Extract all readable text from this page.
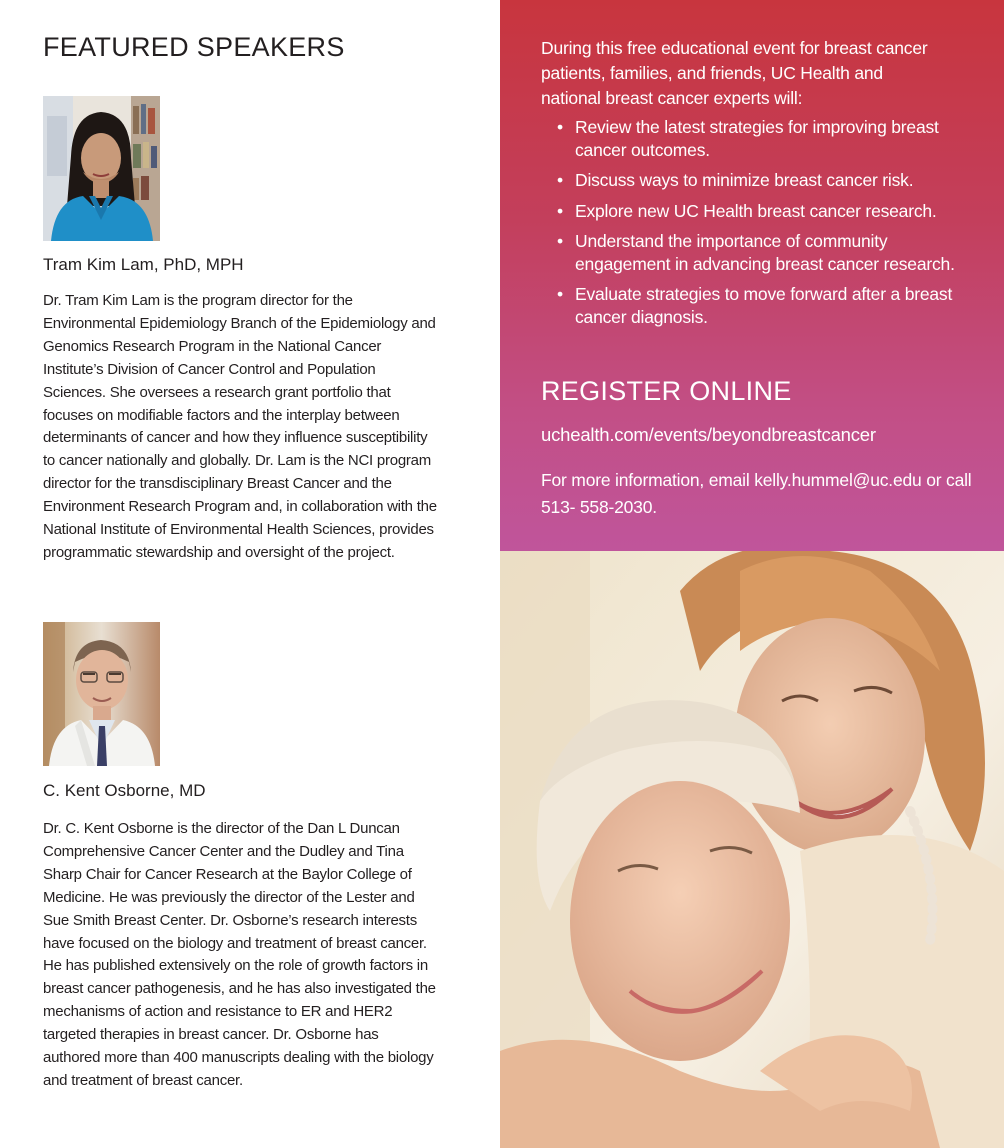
FEATURED SPEAKERS
Tram Kim Lam, PhD, MPH

Dr. Tram Kim Lam is the program director for the Environmental Epidemiology Branch of the Epidemiology and Genomics Research Program in the National Cancer Institute’s Division of Cancer Control and Population Sciences. She oversees a research grant portfolio that focuses on modifiable factors and the interplay between determinants of cancer and how they influence susceptibility to cancer nationally and globally. Dr. Lam is the NCI program director for the transdisciplinary Breast Cancer and the Environment Research Program and, in collaboration with the National Institute of Environmental Health Sciences, provides programmatic stewardship and oversight of the project.

C. Kent Osborne, MD

Dr. C. Kent Osborne is the director of the Dan L Duncan Comprehensive Cancer Center and the Dudley and Tina Sharp Chair for Cancer Research at the Baylor College of Medicine. He was previously the director of the Lester and Sue Smith Breast Center. Dr. Osborne’s research interests have focused on the biology and treatment of breast cancer. He has published extensively on the role of growth factors in breast cancer pathogenesis, and he has also investigated the mechanisms of action and resistance to ER and HER2 targeted therapies in breast cancer. Dr. Osborne has authored more than 400 manuscripts dealing with the biology and treatment of breast cancer.

During this free educational event for breast cancer patients, families, and friends, UC Health and national breast cancer experts will:

• Review the latest strategies for improving breast cancer outcomes.
• Discuss ways to minimize breast cancer risk.
• Explore new UC Health breast cancer research.
• Understand the importance of community engagement in advancing breast cancer research.
• Evaluate strategies to move forward after a breast cancer diagnosis.
REGISTER ONLINE
uchealth.com/events/beyondbreastcancer

For more information, email kelly.hummel@uc.edu or call 513- 558-2030.
